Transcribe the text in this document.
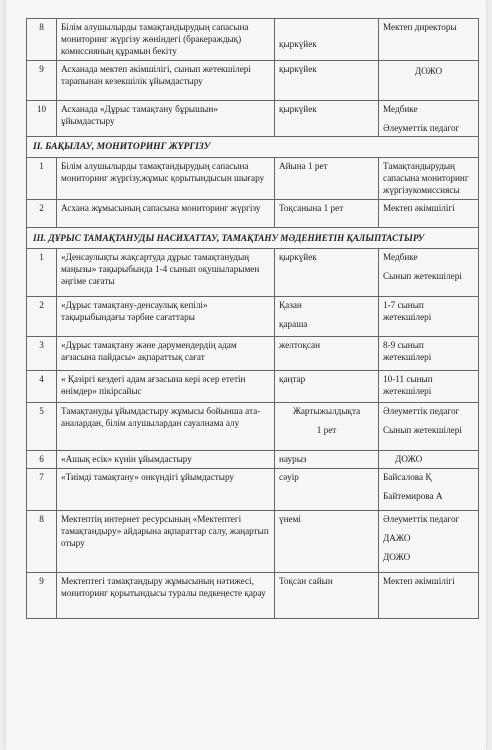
8	Білім алушылырды тамақтандырудың сапасына мониторинг жүргізу жөніндегі (бракераждық) комиссияның құрамын бекіту	қыркүйек	Мектеп директоры

9	Асханада мектеп әкімшілігі, сынып жетекшілері тарапынан кезекшілік ұйымдастыру	қыркүйек	ДОЖО

10	Асханада «Дұрыс тамақтану бұрышын» ұйымдастыру	қыркүйек	Медбике
Әлеуметтік педагог

II. БАҚЫЛАУ, МОНИТОРИНГ ЖҮРГІЗУ			
1	Білім алушылырды тамақтандырудың сапасына мониторинг жүргізу,жұмыс қорытындысын шығару	Айына 1 рет	Тамақтандырудың сапасына мониторинг жүргізукомиссиясы

2	Асхана жұмысының сапасына мониторинг жүргізу	Тоқсанына 1 рет	Мектеп әкімшілігі

III. ДҰРЫС ТАМАҚТАНУДЫ НАСИХАТТАУ, ТАМАҚТАНУ МӘДЕНИЕТІН ҚАЛЫПТАСТЫРУ			
1	«Денсаулықты жақсартуда дұрыс тамақтанудың маңызы» тақырыбында 1-4 сынып оқушыларымен әңгіме сағаты	қыркүйек	Медбике
Сынып жетекшілері

2	«Дұрыс тамақтану-денсаулық кепілі» тақырыбындағы тәрбие сағаттары	Қазан
қараша	1-7 сынып жетекшілері

3	«Дұрыс тамақтану және дәрумендердің адам ағзасына пайдасы» ақпараттық сағат	желтоқсан	8-9 сынып жетекшілері

4	« Қазіргі кездегі адам ағзасына кері әсер ететін өнімдер» пікірсайыс	қаңтар	10-11 сынып жетекшілері

5	Тамақтануды ұйымдастыру жұмысы бойынша ата-аналардан, білім алушылардан сауалнама алу	Жартыжылдықта
1 рет	Әлеуметтік педагог
Сынып жетекшілері

6	«Ашық есік» күнін ұйымдастыру	наурыз	ДОЖО

7	«Тиімді тамақтану» онкүндігі ұйымдастыру	сәуір	Байсалова Қ
Байтемирова А

8	Мектептің интернет ресурсының «Мектептегі тамақтандыру» айдарына ақпараттар салу, жаңартып отыру	үнемі	Әлеуметтік педагог
ДАЖО
ДОЖО

9	Мектептегі тамақтандыру жұмысының нәтижесі, мониторинг қорытындысы туралы педкеңесте қарау	Тоқсан сайын	Мектеп әкімшілігі
